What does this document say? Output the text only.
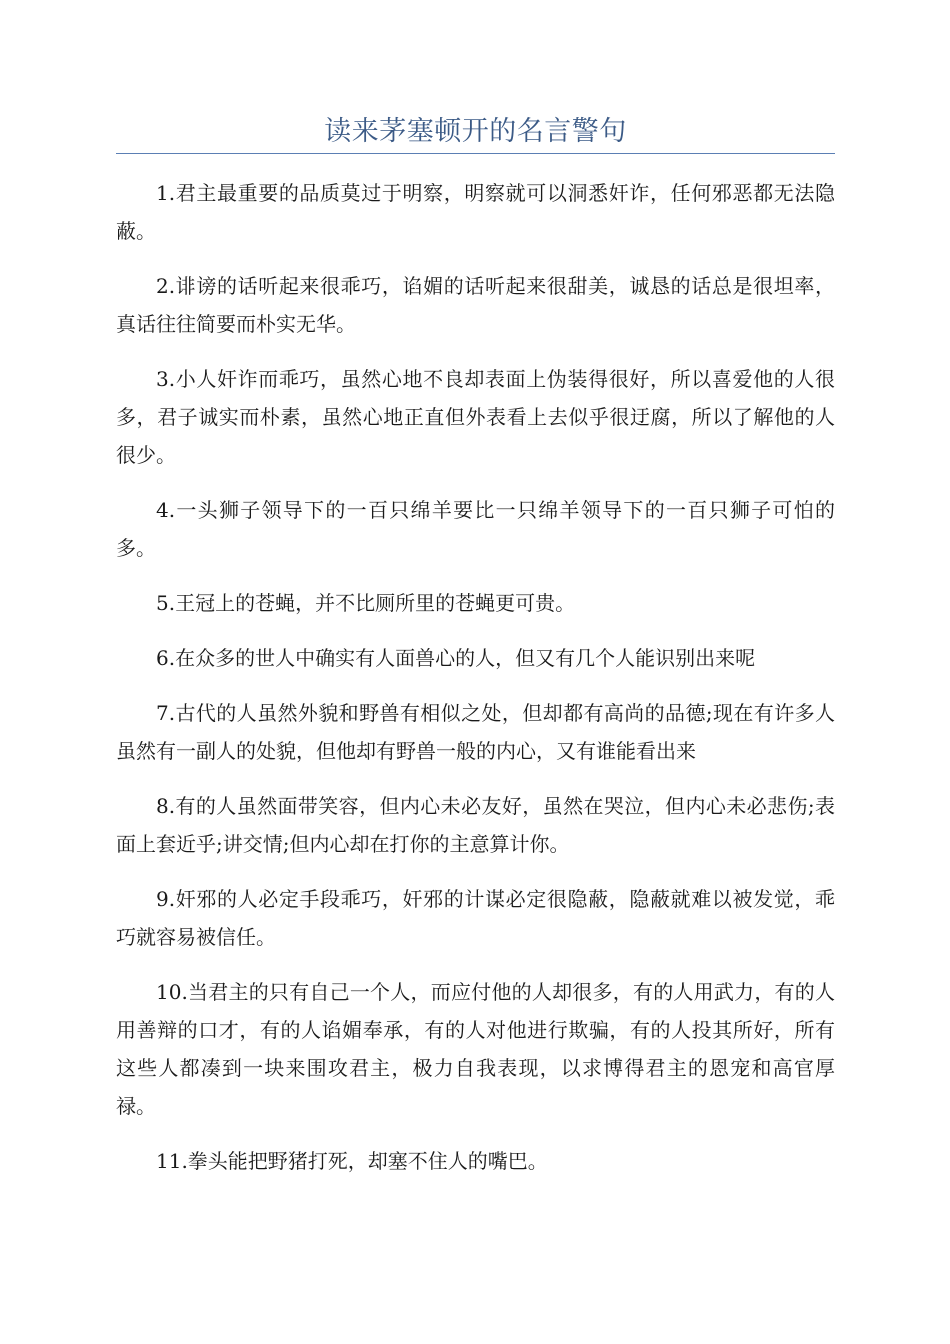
读来茅塞顿开的名言警句

1.君主最重要的品质莫过于明察，明察就可以洞悉奸诈，任何邪恶都无法隐蔽。

2.诽谤的话听起来很乖巧，谄媚的话听起来很甜美，诚恳的话总是很坦率，真话往往简要而朴实无华。

3.小人奸诈而乖巧，虽然心地不良却表面上伪装得很好，所以喜爱他的人很多，君子诚实而朴素，虽然心地正直但外表看上去似乎很迂腐，所以了解他的人很少。

4.一头狮子领导下的一百只绵羊要比一只绵羊领导下的一百只狮子可怕的多。

5.王冠上的苍蝇，并不比厕所里的苍蝇更可贵。

6.在众多的世人中确实有人面兽心的人，但又有几个人能识别出来呢

7.古代的人虽然外貌和野兽有相似之处，但却都有高尚的品德;现在有许多人虽然有一副人的处貌，但他却有野兽一般的内心，又有谁能看出来

8.有的人虽然面带笑容，但内心未必友好，虽然在哭泣，但内心未必悲伤;表面上套近乎;讲交情;但内心却在打你的主意算计你。

9.奸邪的人必定手段乖巧，奸邪的计谋必定很隐蔽，隐蔽就难以被发觉，乖巧就容易被信任。

10.当君主的只有自己一个人，而应付他的人却很多，有的人用武力，有的人用善辩的口才，有的人谄媚奉承，有的人对他进行欺骗，有的人投其所好，所有这些人都凑到一块来围攻君主，极力自我表现，以求博得君主的恩宠和高官厚禄。

11.拳头能把野猪打死，却塞不住人的嘴巴。
